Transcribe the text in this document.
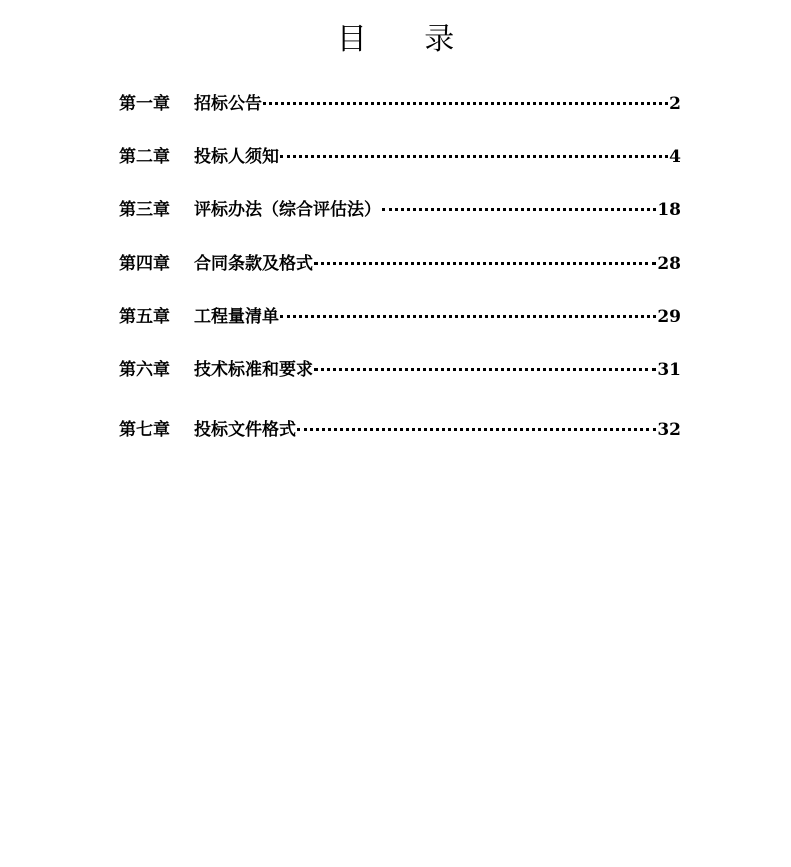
目 录
第一章	招标公告	2
第二章	投标人须知	4
第三章	评标办法（综合评估法）	18
第四章	合同条款及格式	28
第五章	工程量清单	29
第六章	技术标准和要求	31
第七章	投标文件格式	32
